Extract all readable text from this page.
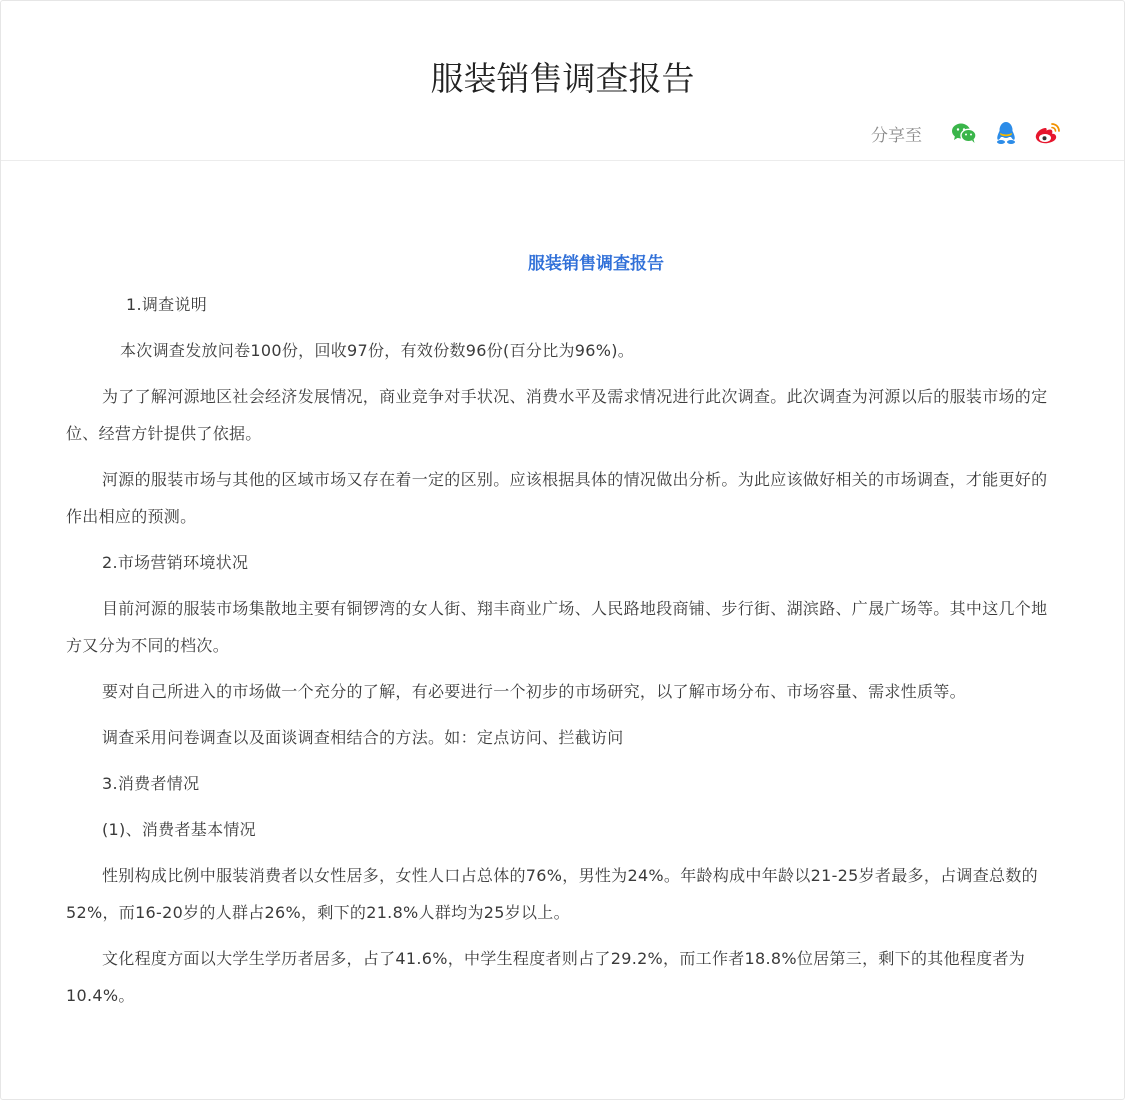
服装销售调查报告
分享至
服装销售调查报告

1.调查说明

本次调查发放问卷100份，回收97份，有效份数96份(百分比为96%)。

为了了解河源地区社会经济发展情况，商业竞争对手状况、消费水平及需求情况进行此次调查。此次调查为河源以后的服装市场的定位、经营方针提供了依据。

河源的服装市场与其他的区域市场又存在着一定的区别。应该根据具体的情况做出分析。为此应该做好相关的市场调查，才能更好的作出相应的预测。

2.市场营销环境状况

目前河源的服装市场集散地主要有铜锣湾的女人街、翔丰商业广场、人民路地段商铺、步行街、湖滨路、广晟广场等。其中这几个地方又分为不同的档次。

要对自己所进入的市场做一个充分的了解，有必要进行一个初步的市场研究，以了解市场分布、市场容量、需求性质等。

调查采用问卷调查以及面谈调查相结合的方法。如：定点访问、拦截访问

3.消费者情况

(1)、消费者基本情况

性别构成比例中服装消费者以女性居多，女性人口占总体的76%，男性为24%。年龄构成中年龄以21-25岁者最多，占调查总数的52%，而16-20岁的人群占26%，剩下的21.8%人群均为25岁以上。

文化程度方面以大学生学历者居多，占了41.6%，中学生程度者则占了29.2%，而工作者18.8%位居第三，剩下的其他程度者为10.4%。
